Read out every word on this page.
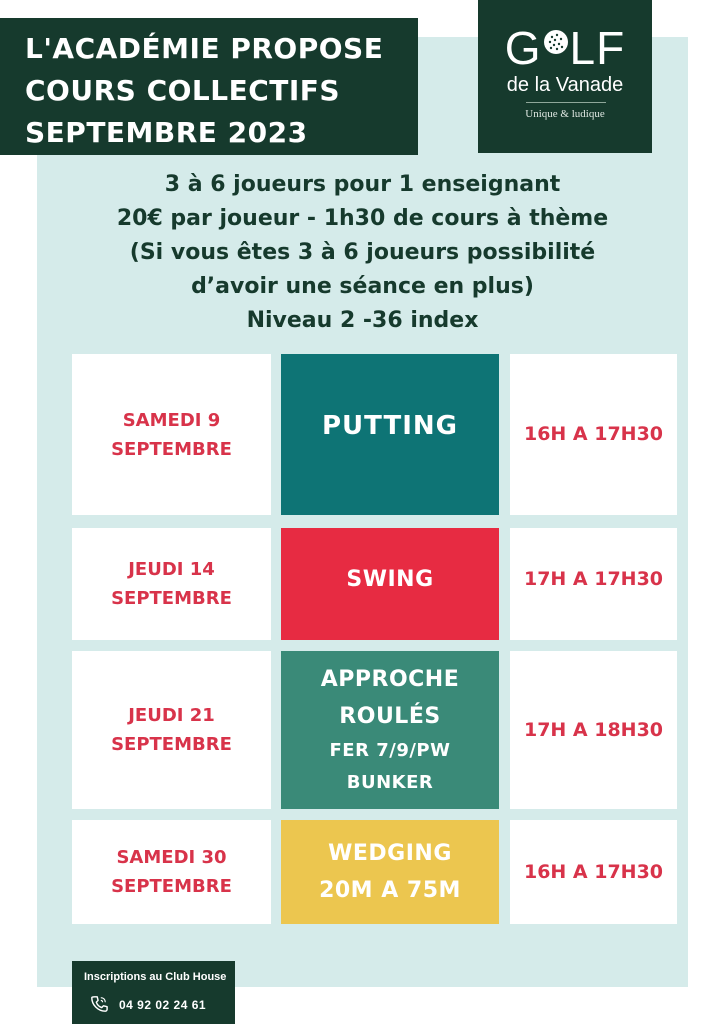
L'ACADÉMIE PROPOSE
COURS COLLECTIFS
SEPTEMBRE 2023
G L F
de la Vanade
Unique & ludique
3 à 6 joueurs pour 1 enseignant
20€ par joueur - 1h30 de cours à thème
(Si vous êtes 3 à 6 joueurs possibilité
d’avoir une séance en plus)
Niveau 2 -36 index
SAMEDI 9
SEPTEMBRE
PUTTING	16H A 17H30
JEUDI 14
SEPTEMBRE
SWING	17H A 17H30
JEUDI 21
SEPTEMBRE
APPROCHE
ROULÉS
FER 7/9/PW
BUNKER
17H A 18H30
SAMEDI 30
SEPTEMBRE
WEDGING
20M A 75M
16H A 17H30
Inscriptions au Club House
04 92 02 24 61
